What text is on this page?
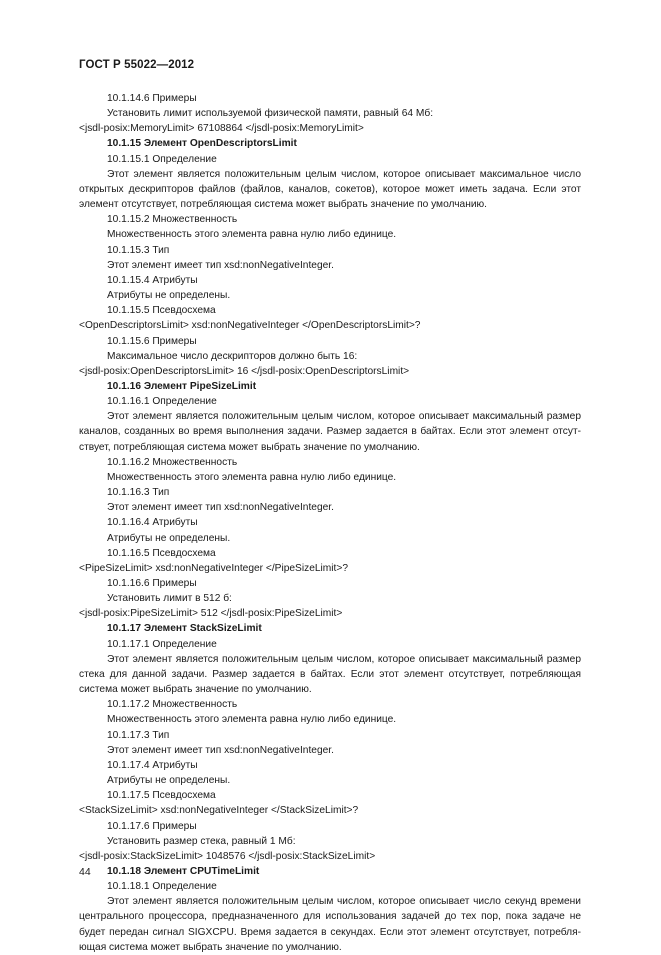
ГОСТ Р 55022—2012
10.1.14.6 Примеры
Установить лимит используемой физической памяти, равный 64 Мб:
<jsdl-posix:MemoryLimit> 67108864 </jsdl-posix:MemoryLimit>
10.1.15 Элемент OpenDescriptorsLimit
10.1.15.1 Определение
Этот элемент является положительным целым числом, которое описывает максимальное число
открытых дескрипторов файлов (файлов, каналов, сокетов), которое может иметь задача. Если этот
элемент отсутствует, потребляющая система может выбрать значение по умолчанию.
10.1.15.2 Множественность
Множественность этого элемента равна нулю либо единице.
10.1.15.3 Тип
Этот элемент имеет тип xsd:nonNegativeInteger.
10.1.15.4 Атрибуты
Атрибуты не определены.
10.1.15.5 Псевдосхема
<OpenDescriptorsLimit> xsd:nonNegativeInteger </OpenDescriptorsLimit>?
10.1.15.6 Примеры
Максимальное число дескрипторов должно быть 16:
<jsdl-posix:OpenDescriptorsLimit> 16 </jsdl-posix:OpenDescriptorsLimit>
10.1.16 Элемент PipeSizeLimit
10.1.16.1 Определение
Этот элемент является положительным целым числом, которое описывает максимальный размер
каналов, созданных во время выполнения задачи. Размер задается в байтах. Если этот элемент отсут-
ствует, потребляющая система может выбрать значение по умолчанию.
10.1.16.2 Множественность
Множественность этого элемента равна нулю либо единице.
10.1.16.3 Тип
Этот элемент имеет тип xsd:nonNegativeInteger.
10.1.16.4 Атрибуты
Атрибуты не определены.
10.1.16.5 Псевдосхема
<PipeSizeLimit> xsd:nonNegativeInteger </PipeSizeLimit>?
10.1.16.6 Примеры
Установить лимит в 512 б:
<jsdl-posix:PipeSizeLimit> 512 </jsdl-posix:PipeSizeLimit>
10.1.17 Элемент StackSizeLimit
10.1.17.1 Определение
Этот элемент является положительным целым числом, которое описывает максимальный размер
стека для данной задачи. Размер задается в байтах. Если этот элемент отсутствует, потребляющая
система может выбрать значение по умолчанию.
10.1.17.2 Множественность
Множественность этого элемента равна нулю либо единице.
10.1.17.3 Тип
Этот элемент имеет тип xsd:nonNegativeInteger.
10.1.17.4 Атрибуты
Атрибуты не определены.
10.1.17.5 Псевдосхема
<StackSizeLimit> xsd:nonNegativeInteger </StackSizeLimit>?
10.1.17.6 Примеры
Установить размер стека, равный 1 Мб:
<jsdl-posix:StackSizeLimit> 1048576 </jsdl-posix:StackSizeLimit>
10.1.18 Элемент CPUTimeLimit
10.1.18.1 Определение
Этот элемент является положительным целым числом, которое описывает число секунд времени
центрального процессора, предназначенного для использования задачей до тех пор, пока задаче не
будет передан сигнал SIGXCPU. Время задается в секундах. Если этот элемент отсутствует, потребля-
ющая система может выбрать значение по умолчанию.
44
